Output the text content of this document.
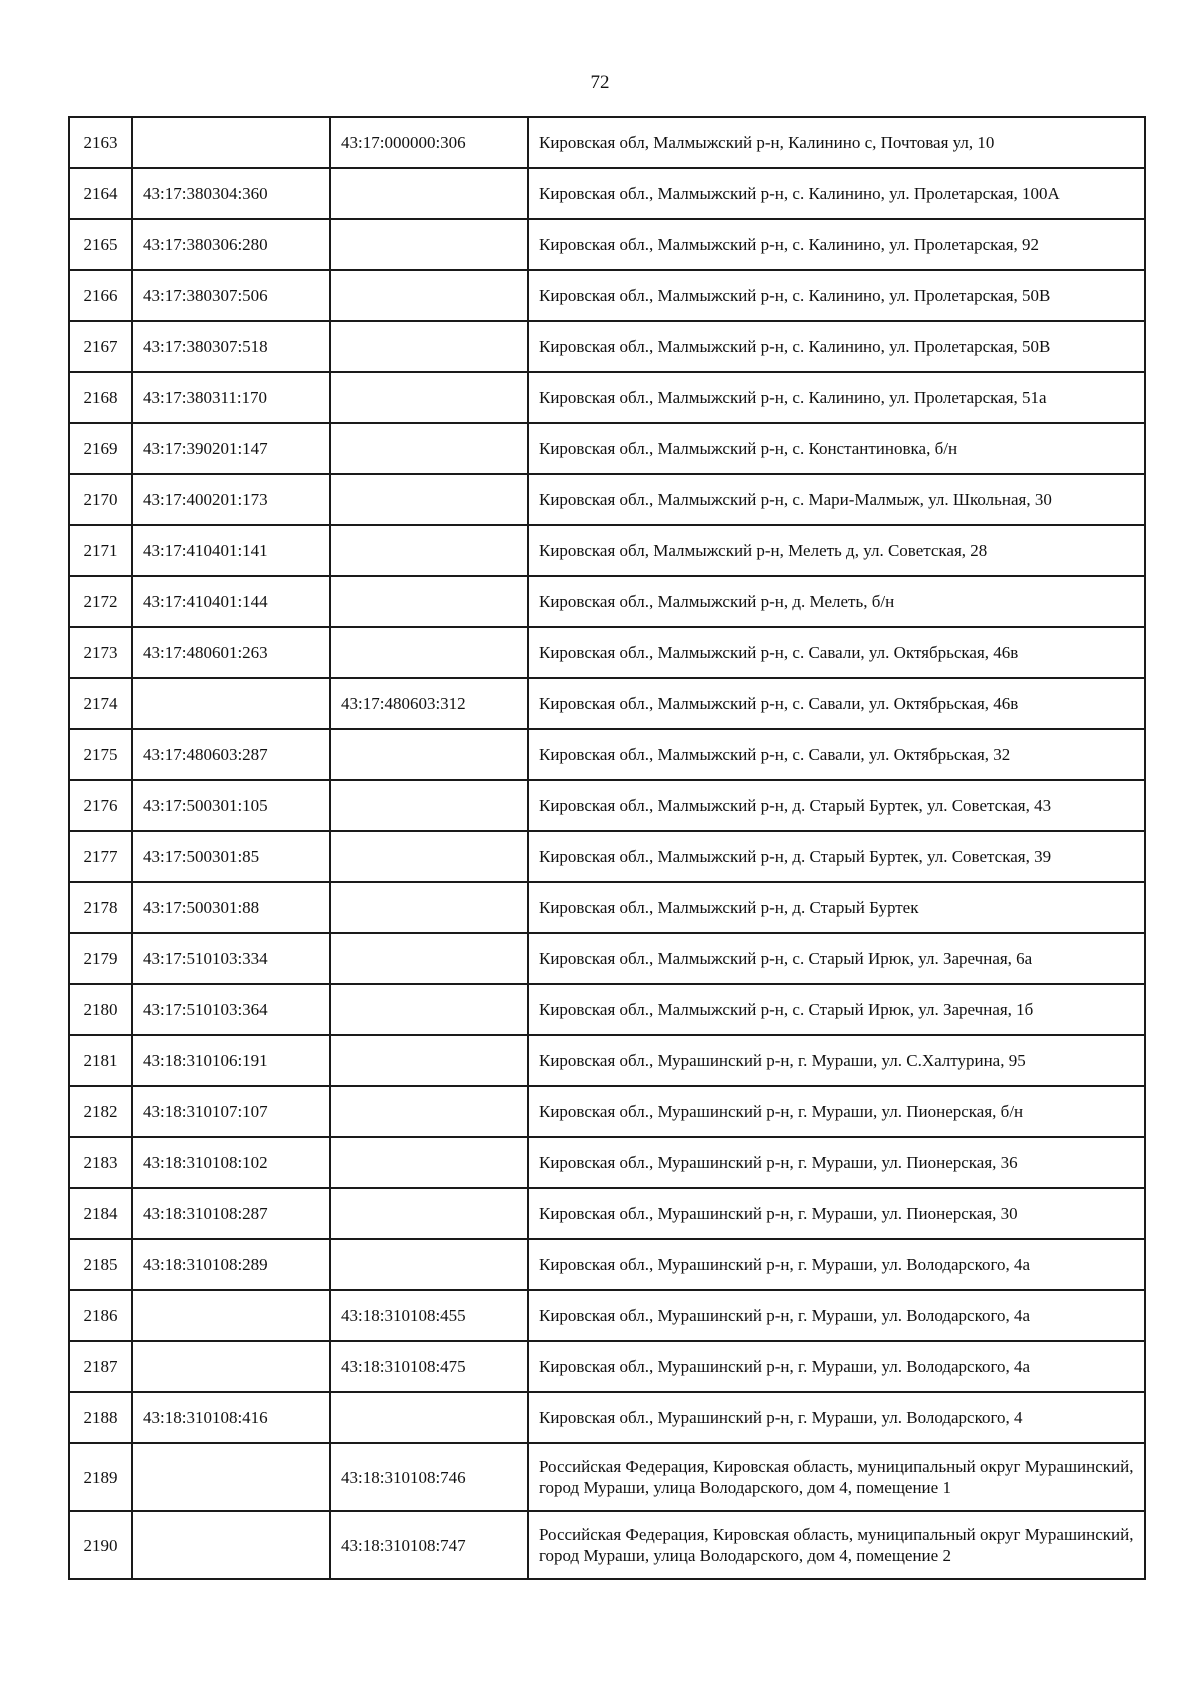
72
2163		43:17:000000:306	Кировская обл, Малмыжский р-н, Калинино с, Почтовая ул, 10
2164	43:17:380304:360		Кировская обл., Малмыжский р-н, с. Калинино, ул. Пролетарская, 100А
2165	43:17:380306:280		Кировская обл., Малмыжский р-н, с. Калинино, ул. Пролетарская, 92
2166	43:17:380307:506		Кировская обл., Малмыжский р-н, с. Калинино, ул. Пролетарская, 50В
2167	43:17:380307:518		Кировская обл., Малмыжский р-н, с. Калинино, ул. Пролетарская, 50В
2168	43:17:380311:170		Кировская обл., Малмыжский р-н, с. Калинино, ул. Пролетарская, 51а
2169	43:17:390201:147		Кировская обл., Малмыжский р-н, с. Константиновка, б/н
2170	43:17:400201:173		Кировская обл., Малмыжский р-н, с. Мари-Малмыж, ул. Школьная, 30
2171	43:17:410401:141		Кировская обл, Малмыжский р-н, Мелеть д, ул. Советская, 28
2172	43:17:410401:144		Кировская обл., Малмыжский р-н, д. Мелеть, б/н
2173	43:17:480601:263		Кировская обл., Малмыжский р-н, с. Савали, ул. Октябрьская, 46в
2174		43:17:480603:312	Кировская обл., Малмыжский р-н, с. Савали, ул. Октябрьская, 46в
2175	43:17:480603:287		Кировская обл., Малмыжский р-н, с. Савали, ул. Октябрьская, 32
2176	43:17:500301:105		Кировская обл., Малмыжский р-н, д. Старый Буртек, ул. Советская, 43
2177	43:17:500301:85		Кировская обл., Малмыжский р-н, д. Старый Буртек, ул. Советская, 39
2178	43:17:500301:88		Кировская обл., Малмыжский р-н, д. Старый Буртек
2179	43:17:510103:334		Кировская обл., Малмыжский р-н, с. Старый Ирюк, ул. Заречная, 6а
2180	43:17:510103:364		Кировская обл., Малмыжский р-н, с. Старый Ирюк, ул. Заречная, 1б
2181	43:18:310106:191		Кировская обл., Мурашинский р-н, г. Мураши, ул. С.Халтурина, 95
2182	43:18:310107:107		Кировская обл., Мурашинский р-н, г. Мураши, ул. Пионерская, б/н
2183	43:18:310108:102		Кировская обл., Мурашинский р-н, г. Мураши, ул. Пионерская, 36
2184	43:18:310108:287		Кировская обл., Мурашинский р-н, г. Мураши, ул. Пионерская, 30
2185	43:18:310108:289		Кировская обл., Мурашинский р-н, г. Мураши, ул. Володарского, 4а
2186		43:18:310108:455	Кировская обл., Мурашинский р-н, г. Мураши, ул. Володарского, 4а
2187		43:18:310108:475	Кировская обл., Мурашинский р-н, г. Мураши, ул. Володарского, 4а
2188	43:18:310108:416		Кировская обл., Мурашинский р-н, г. Мураши, ул. Володарского, 4
2189		43:18:310108:746	Российская Федерация, Кировская область, муниципальный округ Мурашинский, город Мураши, улица Володарского, дом 4, помещение 1
2190		43:18:310108:747	Российская Федерация, Кировская область, муниципальный округ Мурашинский, город Мураши, улица Володарского, дом 4, помещение 2
